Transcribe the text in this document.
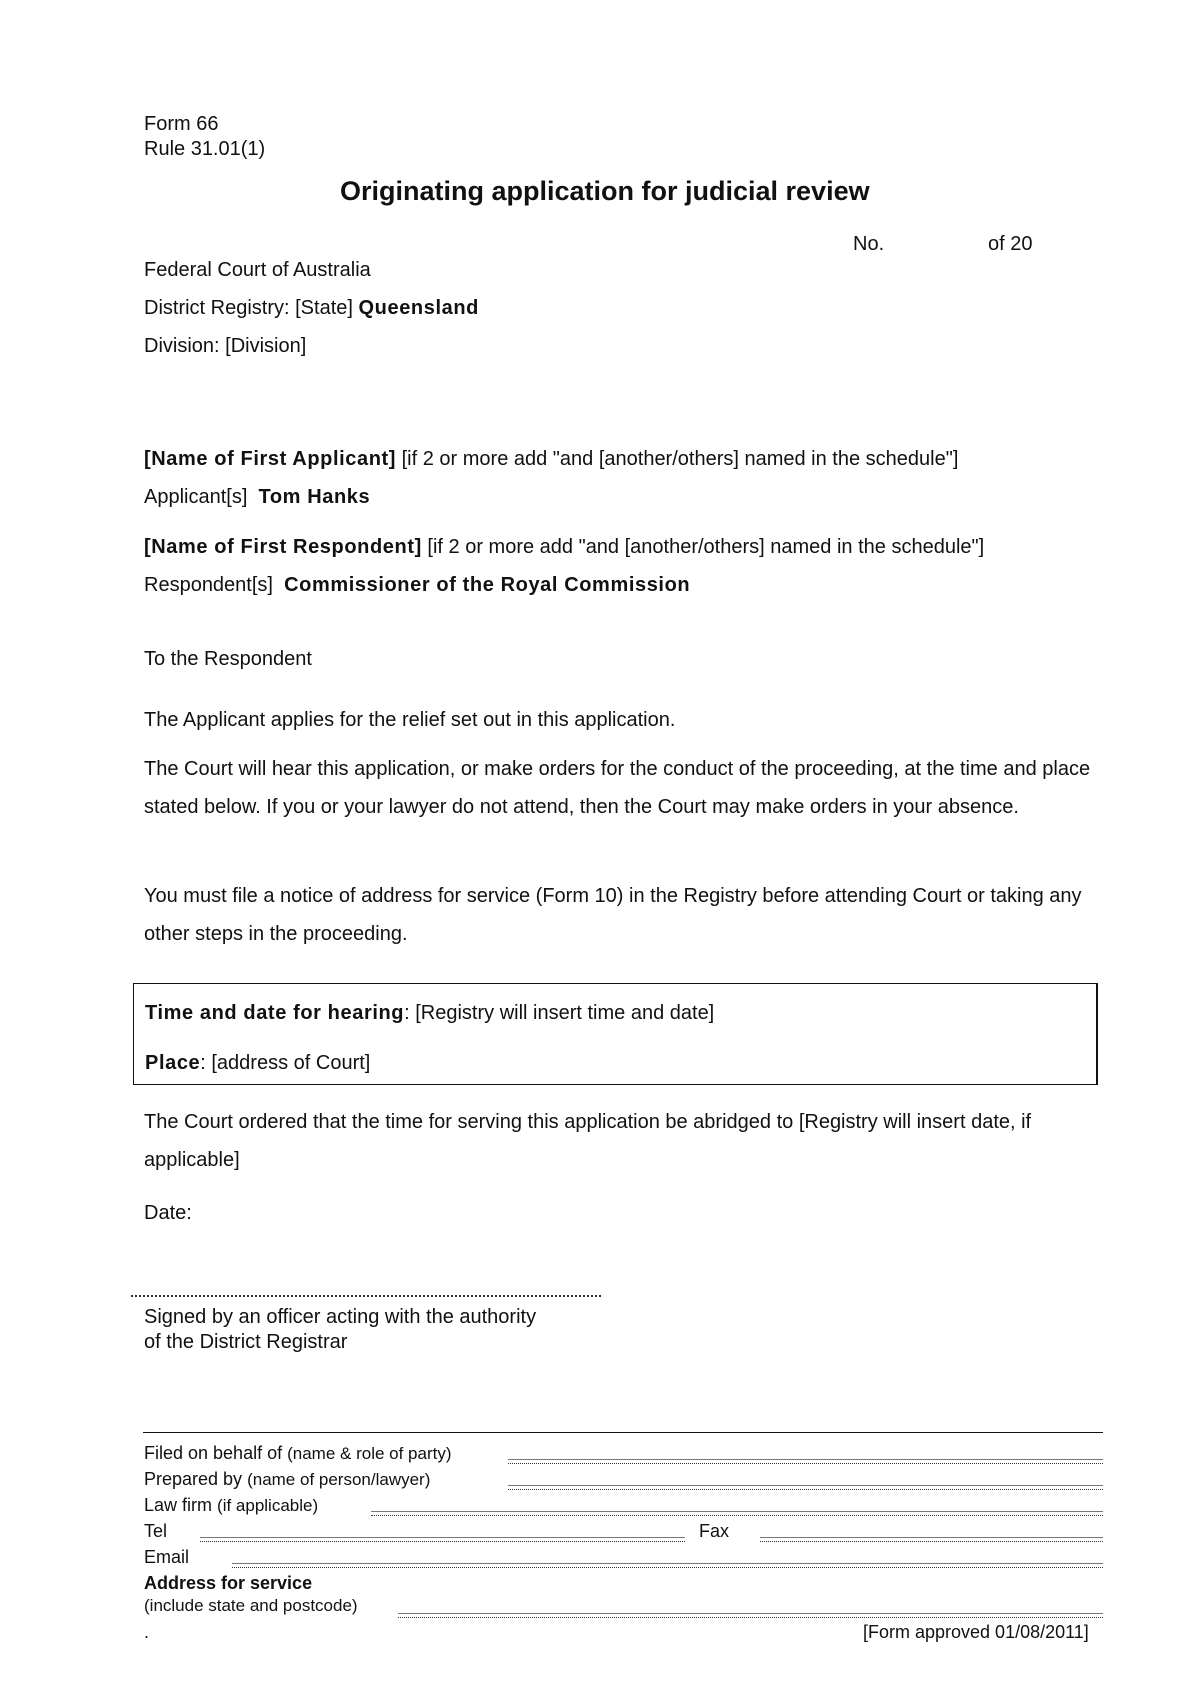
Form 66
Rule 31.01(1)
Originating application for judicial review
No.	of 20
Federal Court of Australia
District Registry: [State] Queensland
Division: [Division]
[Name of First Applicant] [if 2 or more add "and [another/others] named in the schedule"]
Applicant[s] Tom Hanks
[Name of First Respondent] [if 2 or more add "and [another/others] named in the schedule"]
Respondent[s] Commissioner of the Royal Commission
To the Respondent
The Applicant applies for the relief set out in this application.
The Court will hear this application, or make orders for the conduct of the proceeding, at the time and place stated below. If you or your lawyer do not attend, then the Court may make orders in your absence.
You must file a notice of address for service (Form 10) in the Registry before attending Court or taking any other steps in the proceeding.
Time and date for hearing: [Registry will insert time and date]
Place: [address of Court]
The Court ordered that the time for serving this application be abridged to [Registry will insert date, if applicable]
Date:
Signed by an officer acting with the authority
of the District Registrar
Filed on behalf of (name & role of party)
Prepared by (name of person/lawyer)
Law firm (if applicable)
Tel	Fax
Email
Address for service
(include state and postcode)
.	[Form approved 01/08/2011]
